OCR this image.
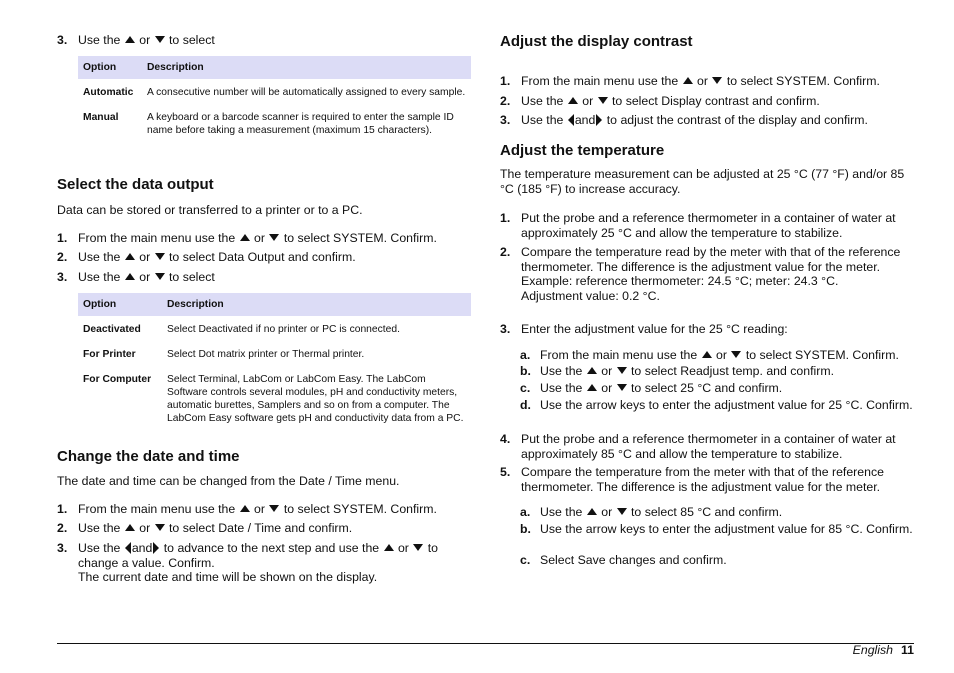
3. Use the or to select
Option	Description
Automatic	A consecutive number will be automatically assigned to every sample.
Manual	A keyboard or a barcode scanner is required to enter the sample ID name before taking a measurement (maximum 15 characters).
Select the data output
Data can be stored or transferred to a printer or to a PC.
1. From the main menu use the or to select SYSTEM. Confirm.
2. Use the or to select Data Output and confirm.
3. Use the or to select
Option	Description
Deactivated	Select Deactivated if no printer or PC is connected.
For Printer	Select Dot matrix printer or Thermal printer.
For Computer	Select Terminal, LabCom or LabCom Easy. The LabCom Software controls several modules, pH and conductivity meters, automatic burettes, Samplers and so on from a computer. The LabCom Easy software gets pH and conductivity data from a PC.
Change the date and time
The date and time can be changed from the Date / Time menu.
1. From the main menu use the or to select SYSTEM. Confirm.
2. Use the or to select Date / Time and confirm.
3. Use the and to advance to the next step and use the or to change a value. Confirm.
The current date and time will be shown on the display.
Adjust the display contrast
1. From the main menu use the or to select SYSTEM. Confirm.
2. Use the or to select Display contrast and confirm.
3. Use the and to adjust the contrast of the display and confirm.
Adjust the temperature
The temperature measurement can be adjusted at 25 °C (77 °F) and/or 85 °C (185 °F) to increase accuracy.
1. Put the probe and a reference thermometer in a container of water at approximately 25 °C and allow the temperature to stabilize.
2. Compare the temperature read by the meter with that of the reference thermometer. The difference is the adjustment value for the meter.
Example: reference thermometer: 24.5 °C; meter: 24.3 °C.
Adjustment value: 0.2 °C.
3. Enter the adjustment value for the 25 °C reading:
a. From the main menu use the or to select SYSTEM. Confirm.
b. Use the or to select Readjust temp. and confirm.
c. Use the or to select 25 °C and confirm.
d. Use the arrow keys to enter the adjustment value for 25 °C. Confirm.
4. Put the probe and a reference thermometer in a container of water at approximately 85 °C and allow the temperature to stabilize.
5. Compare the temperature from the meter with that of the reference thermometer. The difference is the adjustment value for the meter.
a. Use the or to select 85 °C and confirm.
b. Use the arrow keys to enter the adjustment value for 85 °C. Confirm.
c. Select Save changes and confirm.
English 11
